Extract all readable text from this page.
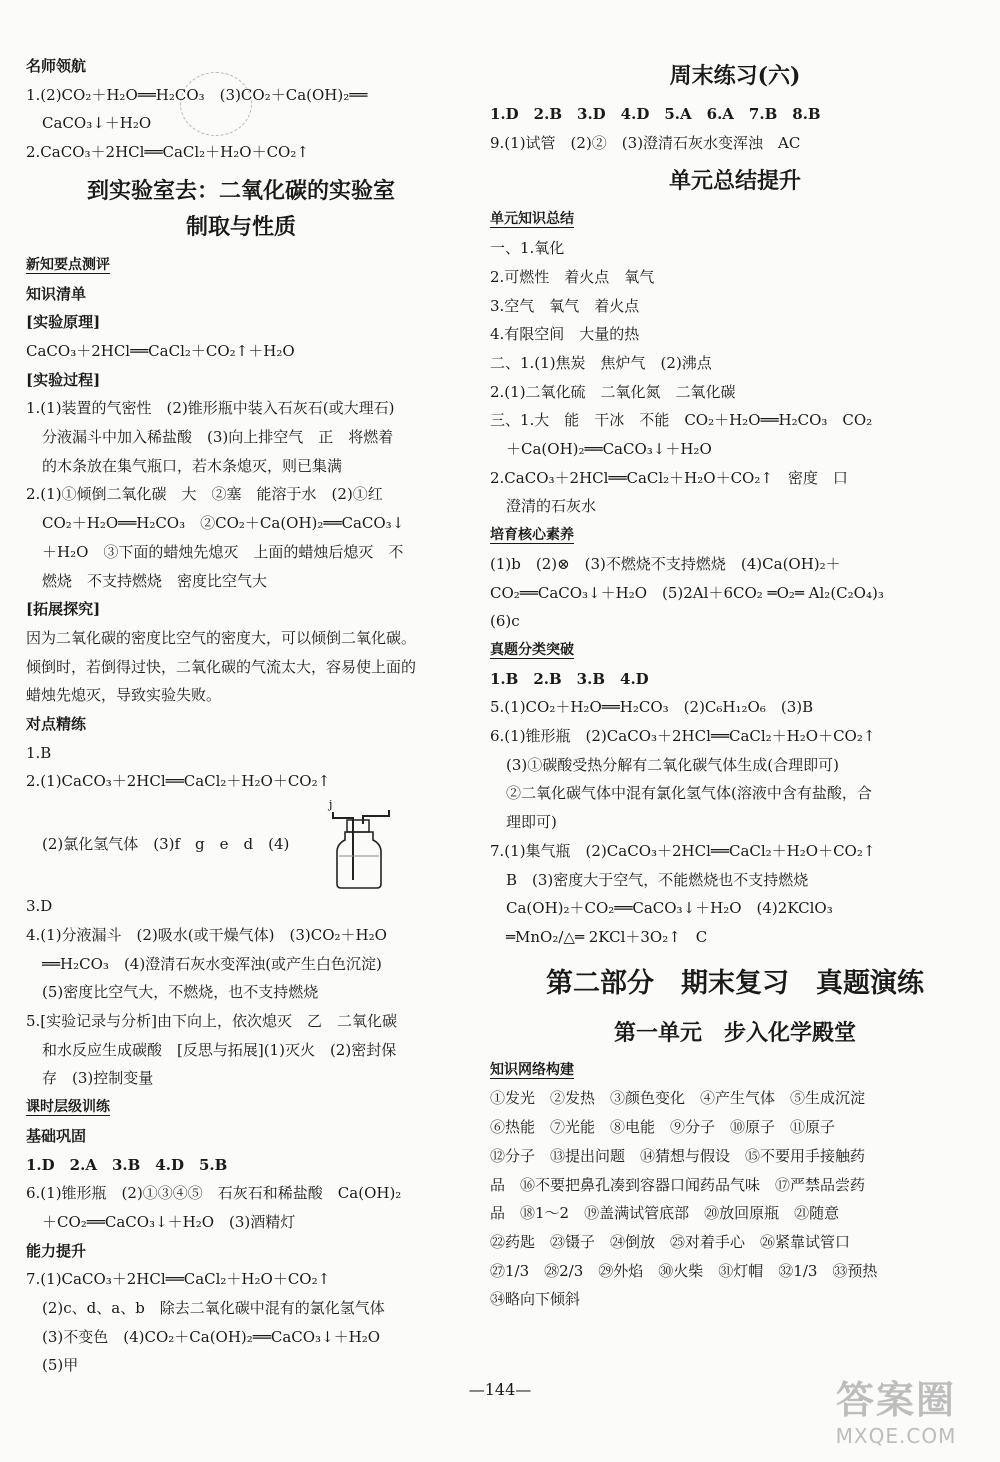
名师领航
1.(2)CO₂＋H₂O══H₂CO₃　(3)CO₂＋Ca(OH)₂══
CaCO₃↓＋H₂O
2.CaCO₃＋2HCl══CaCl₂＋H₂O＋CO₂↑
到实验室去：二氧化碳的实验室
制取与性质
新知要点测评
知识清单
[实验原理]
CaCO₃＋2HCl══CaCl₂＋CO₂↑＋H₂O
[实验过程]
1.(1)装置的气密性　(2)锥形瓶中装入石灰石(或大理石)
分液漏斗中加入稀盐酸　(3)向上排空气　正　将燃着
的木条放在集气瓶口，若木条熄灭，则已集满
2.(1)①倾倒二氧化碳　大　②塞　能溶于水　(2)①红
CO₂＋H₂O══H₂CO₃　②CO₂＋Ca(OH)₂══CaCO₃↓
＋H₂O　③下面的蜡烛先熄灭　上面的蜡烛后熄灭　不
燃烧　不支持燃烧　密度比空气大
[拓展探究]
因为二氧化碳的密度比空气的密度大，可以倾倒二氧化碳。
倾倒时，若倒得过快，二氧化碳的气流太大，容易使上面的
蜡烛先熄灭，导致实验失败。
对点精练
1.B
2.(1)CaCO₃＋2HCl══CaCl₂＋H₂O＋CO₂↑
(2)氯化氢气体　(3)f　g　e　d　(4)
j
3.D
4.(1)分液漏斗　(2)吸水(或干燥气体)　(3)CO₂＋H₂O
══H₂CO₃　(4)澄清石灰水变浑浊(或产生白色沉淀)
(5)密度比空气大，不燃烧，也不支持燃烧
5.[实验记录与分析]由下向上，依次熄灭　乙　二氧化碳
和水反应生成碳酸　[反思与拓展](1)灭火　(2)密封保
存　(3)控制变量
课时层级训练
基础巩固
1.D　2.A　3.B　4.D　5.B
6.(1)锥形瓶　(2)①③④⑤　石灰石和稀盐酸　Ca(OH)₂
＋CO₂══CaCO₃↓＋H₂O　(3)酒精灯
能力提升
7.(1)CaCO₃＋2HCl══CaCl₂＋H₂O＋CO₂↑
(2)c、d、a、b　除去二氧化碳中混有的氯化氢气体
(3)不变色　(4)CO₂＋Ca(OH)₂══CaCO₃↓＋H₂O
(5)甲
周末练习(六)
1.D　2.B　3.D　4.D　5.A　6.A　7.B　8.B
9.(1)试管　(2)②　(3)澄清石灰水变浑浊　AC
单元总结提升
单元知识总结
一、1.氧化
2.可燃性　着火点　氧气
3.空气　氧气　着火点
4.有限空间　大量的热
二、1.(1)焦炭　焦炉气　(2)沸点
2.(1)二氧化硫　二氧化氮　二氧化碳
三、1.大　能　干冰　不能　CO₂＋H₂O══H₂CO₃　CO₂
＋Ca(OH)₂══CaCO₃↓＋H₂O
2.CaCO₃＋2HCl══CaCl₂＋H₂O＋CO₂↑　密度　口
澄清的石灰水
培育核心素养
(1)b　(2)⊗　(3)不燃烧不支持燃烧　(4)Ca(OH)₂＋
CO₂══CaCO₃↓＋H₂O　(5)2Al＋6CO₂ ═O₂═ Al₂(C₂O₄)₃
(6)c
真题分类突破
1.B　2.B　3.B　4.D
5.(1)CO₂＋H₂O══H₂CO₃　(2)C₆H₁₂O₆　(3)B
6.(1)锥形瓶　(2)CaCO₃＋2HCl══CaCl₂＋H₂O＋CO₂↑
(3)①碳酸受热分解有二氧化碳气体生成(合理即可)
②二氧化碳气体中混有氯化氢气体(溶液中含有盐酸，合
理即可)
7.(1)集气瓶　(2)CaCO₃＋2HCl══CaCl₂＋H₂O＋CO₂↑
B　(3)密度大于空气，不能燃烧也不支持燃烧
Ca(OH)₂＋CO₂══CaCO₃↓＋H₂O　(4)2KClO₃
═MnO₂/△═ 2KCl＋3O₂↑　C
第二部分　期末复习　真题演练
第一单元　步入化学殿堂
知识网络构建
①发光　②发热　③颜色变化　④产生气体　⑤生成沉淀
⑥热能　⑦光能　⑧电能　⑨分子　⑩原子　⑪原子
⑫分子　⑬提出问题　⑭猜想与假设　⑮不要用手接触药
品　⑯不要把鼻孔凑到容器口闻药品气味　⑰严禁品尝药
品　⑱1～2　⑲盖满试管底部　⑳放回原瓶　㉑随意
㉒药匙　㉓镊子　㉔倒放　㉕对着手心　㉖紧靠试管口
㉗1/3　㉘2/3　㉙外焰　㉚火柴　㉛灯帽　㉜1/3　㉝预热
㉞略向下倾斜
—144—	答案圈
MXQE.COM
